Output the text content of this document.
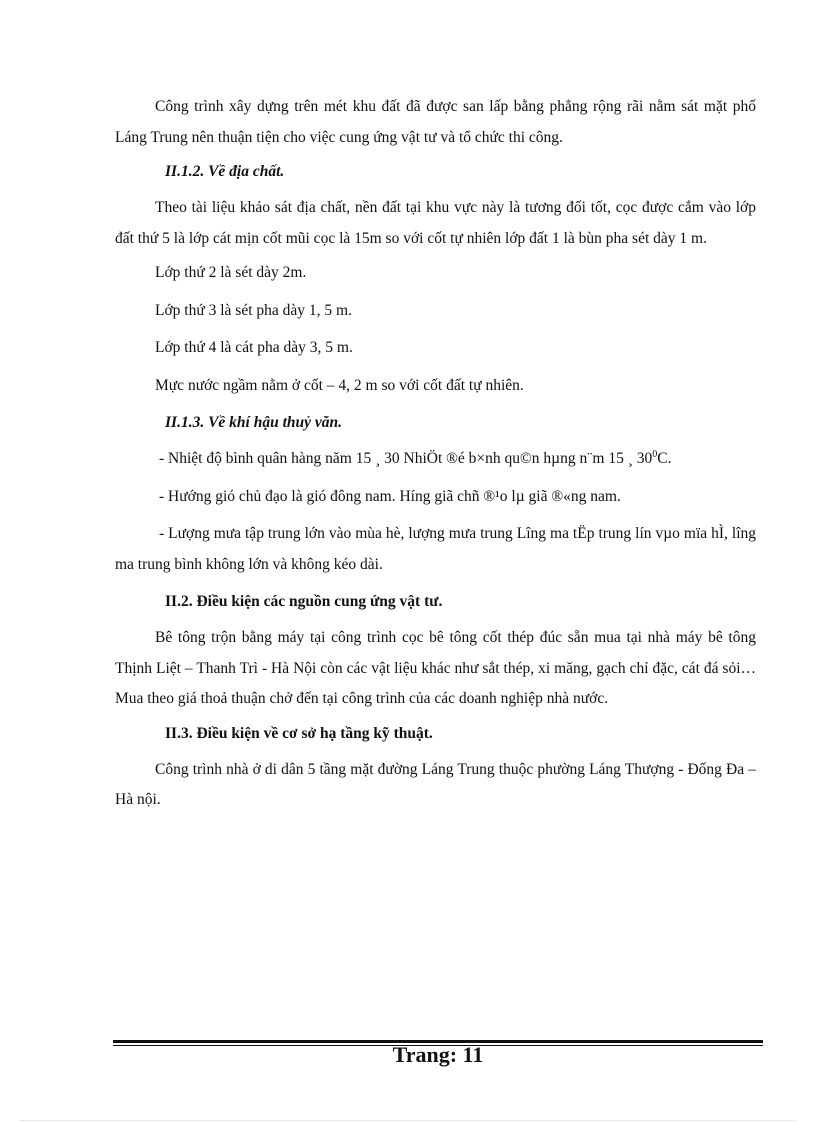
Công trình xây dựng trên mét khu đất đã được san lấp bằng phẳng rộng rãi nằm sát mặt phố Láng Trung nên thuận tiện cho việc cung ứng vật tư và tổ chức thi công.

II.1.2. Về địa chất.

Theo tài liệu khảo sát địa chất, nền đất tại khu vực này là tương đối tốt, cọc được cắm vào lớp đất thứ 5 là lớp cát mịn cốt mũi cọc là 15m so với cốt tự nhiên lớp đất 1 là bùn pha sét dày 1 m.

Lớp thứ 2 là sét dày 2m.
Lớp thứ 3 là sét pha dày 1, 5 m.
Lớp thứ 4 là cát pha dày 3, 5 m.
Mực nước ngầm nằm ở cốt – 4, 2 m so với cốt đất tự nhiên.
II.1.3. Về khí hậu thuỷ văn.
- Nhiệt độ bình quân hàng năm 15 ¸ 30 NhiÖt ®é b×nh qu©n hµng n¨m 15 ¸ $30^0C$.
- Hướng gió chủ đạo là gió đông nam. Híng giã chñ ®¹o lµ giã ®«ng nam.
- Lượng mưa tập trung lớn vào mùa hè, lượng mưa trung Lîng ma tËp trung lín vµo mïa hÌ, lîng ma trung bình không lớn và không kéo dài.
II.2. Điều kiện các nguồn cung ứng vật tư.

Bê tông trộn bằng máy tại công trình cọc bê tông cốt thép đúc sẵn mua tại nhà máy bê tông Thịnh Liệt – Thanh Trì - Hà Nội còn các vật liệu khác như sắt thép, xi măng, gạch chỉ đặc, cát đá sỏi… Mua theo giá thoả thuận chở đến tại công trình của các doanh nghiệp nhà nước.

II.3. Điều kiện về cơ sở hạ tầng kỹ thuật.

Công trình nhà ở di dân 5 tầng mặt đường Láng Trung thuộc phường Láng Thượng - Đống Đa – Hà nội.

Trang: 11
